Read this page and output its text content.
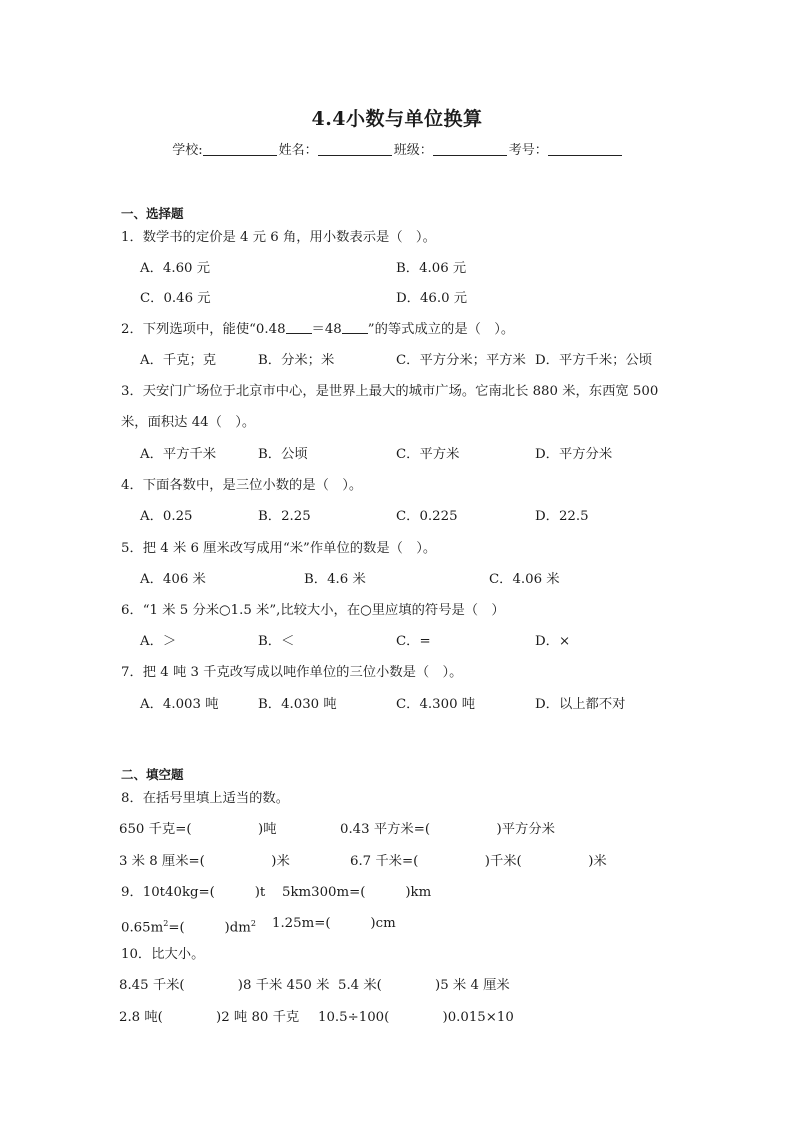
4.4小数与单位换算
学校:	姓名：	班级：	考号：
一、选择题
1．数学书的定价是 4 元 6 角，用小数表示是（　）。
A．4.60 元	B．4.06 元
C．0.46 元	D．46.0 元
2．下列选项中，能使“0.48 ＝48 ”的等式成立的是（　）。
A．千克；克	B．分米；米	C．平方分米；平方米 D．平方千米；公顷
3．天安门广场位于北京市中心，是世界上最大的城市广场。它南北长 880 米，东西宽 500
米，面积达 44（　）。
A．平方千米	B．公顷	C．平方米	D．平方分米
4．下面各数中，是三位小数的是（　）。
A．0.25	B．2.25	C．0.225	D．22.5
5．把 4 米 6 厘米改写成用“米”作单位的数是（　）。
A．406 米	B．4.6 米	C．4.06 米
6．“1 米 5 分米○1.5 米”,比较大小，在○里应填的符号是（　）
A．＞	B．＜	C．=	D．×
7．把 4 吨 3 千克改写成以吨作单位的三位小数是（　）。
A．4.003 吨	B．4.030 吨	C．4.300 吨	D．以上都不对
二、填空题
8．在括号里填上适当的数。
650 千克=(　　　　　)吨	0.43 平方米=(　　　　　)平方分米
3 米 8 厘米=(　　　　　)米	6.7 千米=(　　　　　)千米(　　　　　)米
9．10t40kg=(　　　)t 5km300m=(　　　)km
$0.65m^2=$(　　　)$dm^2$ 1.25m=(　　　)cm
10．比大小。
8.45 千米(　　　　)8 千米 450 米 5.4 米(　　　　)5 米 4 厘米
2.8 吨(　　　　)2 吨 80 千克 10.5÷100(　　　　)0.015×10
